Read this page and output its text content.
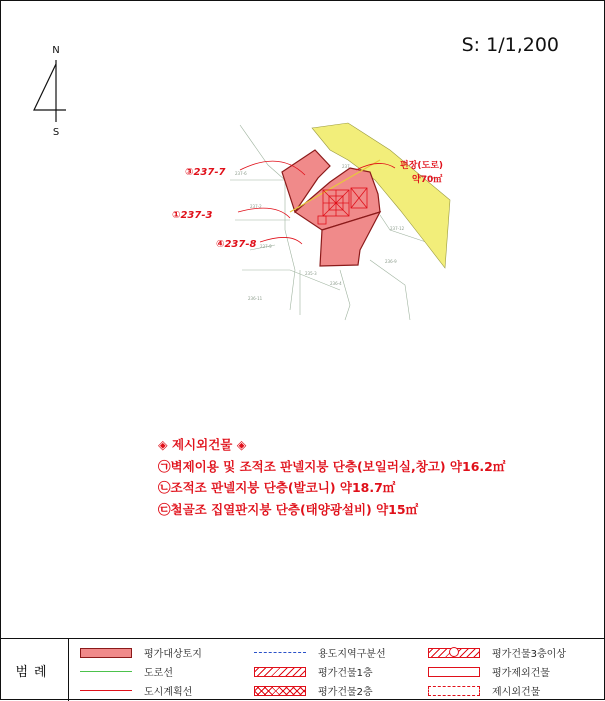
S: 1/1,200
N
S
237-6
237-2
237-9
236-11
235-3
236-4
236-9
237-12
237
③237-7
①237-3
④237-8
편장(도로)
약70㎡
◈ 제시외건물 ◈
㉠벽제이용 및 조적조 판넬지붕 단층(보일러실,창고) 약16.2㎡
㉡조적조 판넬지붕 단층(발코니) 약18.7㎡
㉢철골조 집열판지붕 단층(태양광설비) 약15㎡
범례
평가대상토지
도로선
도시계획선
용도지역구분선
평가건물1층
평가건물2층
평가건물3층이상
평가제외건물
제시외건물
